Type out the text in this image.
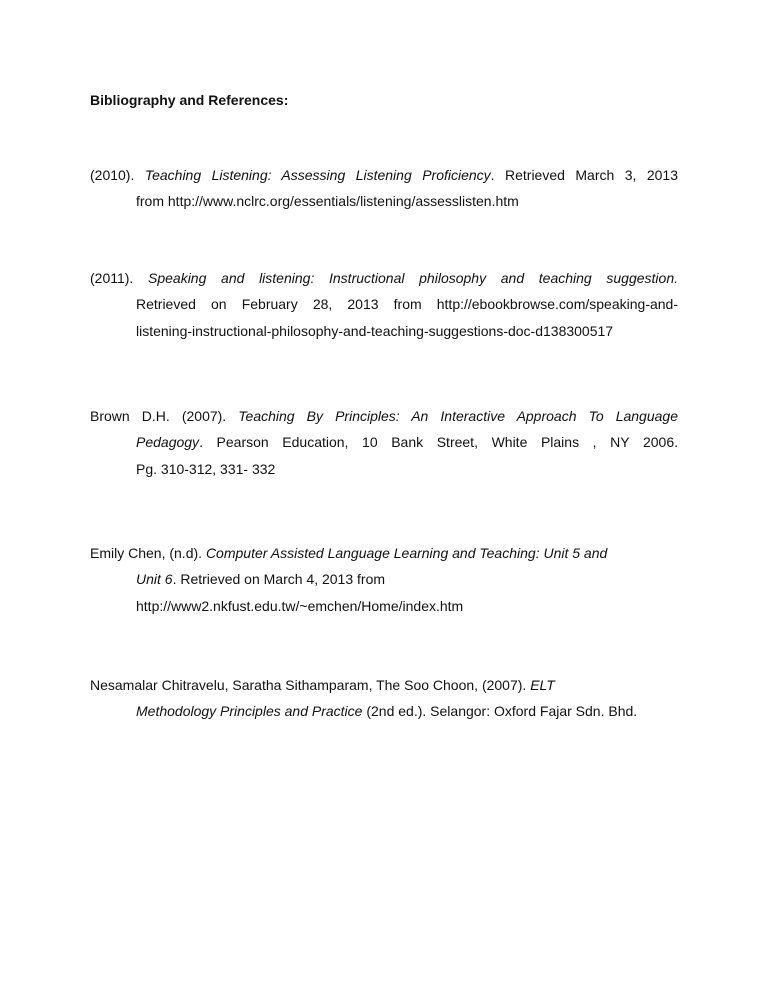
Bibliography and References:
(2010). Teaching Listening: Assessing Listening Proficiency. Retrieved March 3, 2013
from http://www.nclrc.org/essentials/listening/assesslisten.htm
(2011). Speaking and listening: Instructional philosophy and teaching suggestion.
Retrieved on February 28, 2013 from http://ebookbrowse.com/speaking-and-
listening-instructional-philosophy-and-teaching-suggestions-doc-d138300517
Brown D.H. (2007). Teaching By Principles: An Interactive Approach To Language
Pedagogy. Pearson Education, 10 Bank Street, White Plains , NY 2006.
Pg. 310-312, 331- 332
Emily Chen, (n.d). Computer Assisted Language Learning and Teaching: Unit 5 and
Unit 6. Retrieved on March 4, 2013 from
http://www2.nkfust.edu.tw/~emchen/Home/index.htm
Nesamalar Chitravelu, Saratha Sithamparam, The Soo Choon, (2007). ELT
Methodology Principles and Practice (2nd ed.). Selangor: Oxford Fajar Sdn. Bhd.
